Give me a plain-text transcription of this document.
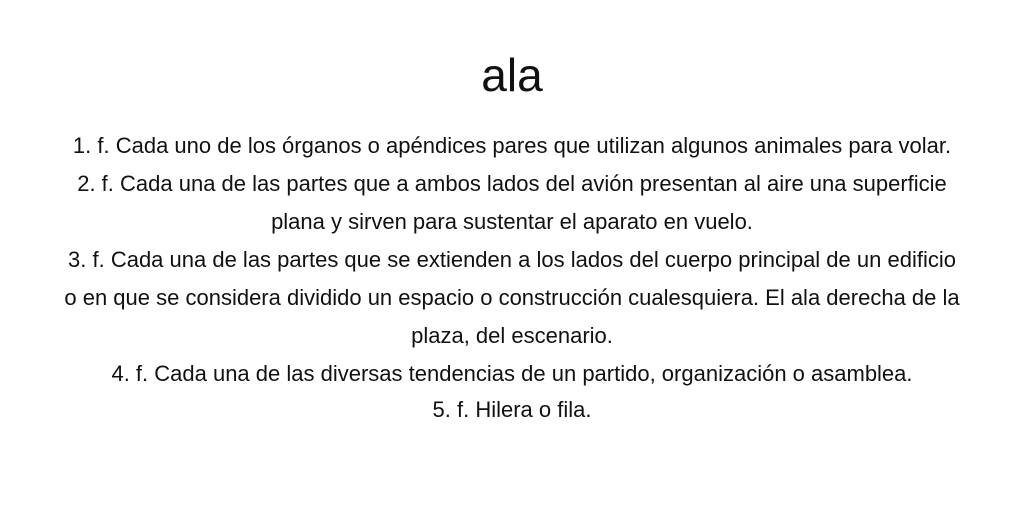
ala
1. f. Cada uno de los órganos o apéndices pares que utilizan algunos animales para volar.
2. f. Cada una de las partes que a ambos lados del avión presentan al aire una superficie plana y sirven para sustentar el aparato en vuelo.
3. f. Cada una de las partes que se extienden a los lados del cuerpo principal de un edificio o en que se considera dividido un espacio o construcción cualesquiera. El ala derecha de la plaza, del escenario.
4. f. Cada una de las diversas tendencias de un partido, organización o asamblea.
5. f. Hilera o fila.
